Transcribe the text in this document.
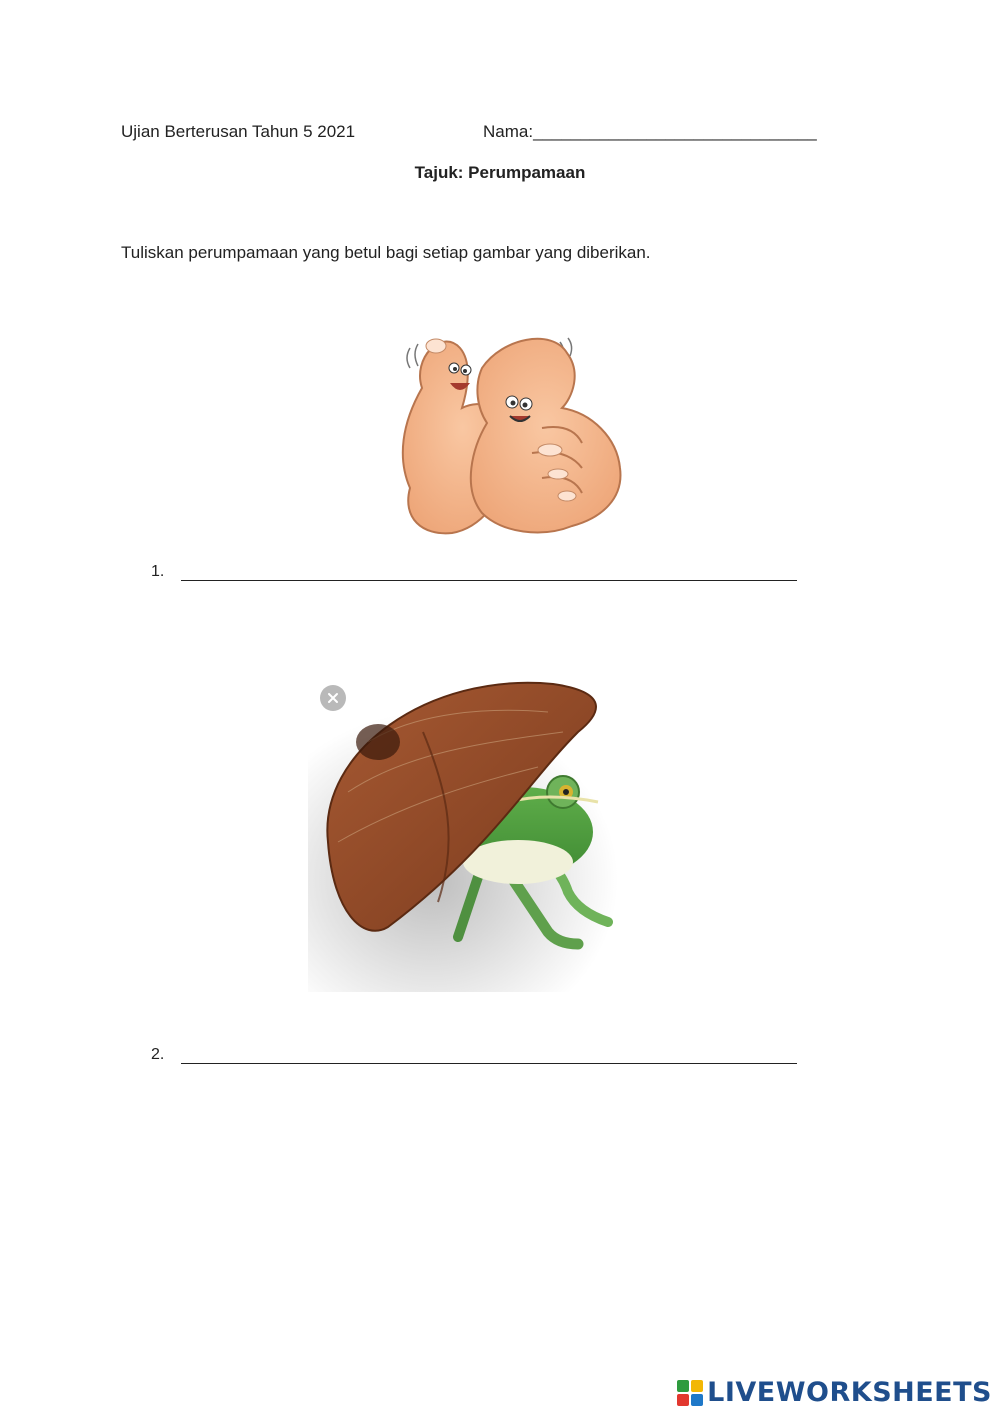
Ujian Berterusan Tahun 5 2021	Nama:______________________________
Tajuk: Perumpamaan
Tuliskan perumpamaan yang betul bagi setiap gambar yang diberikan.
1.
2.
LIVEWORKSHEETS
